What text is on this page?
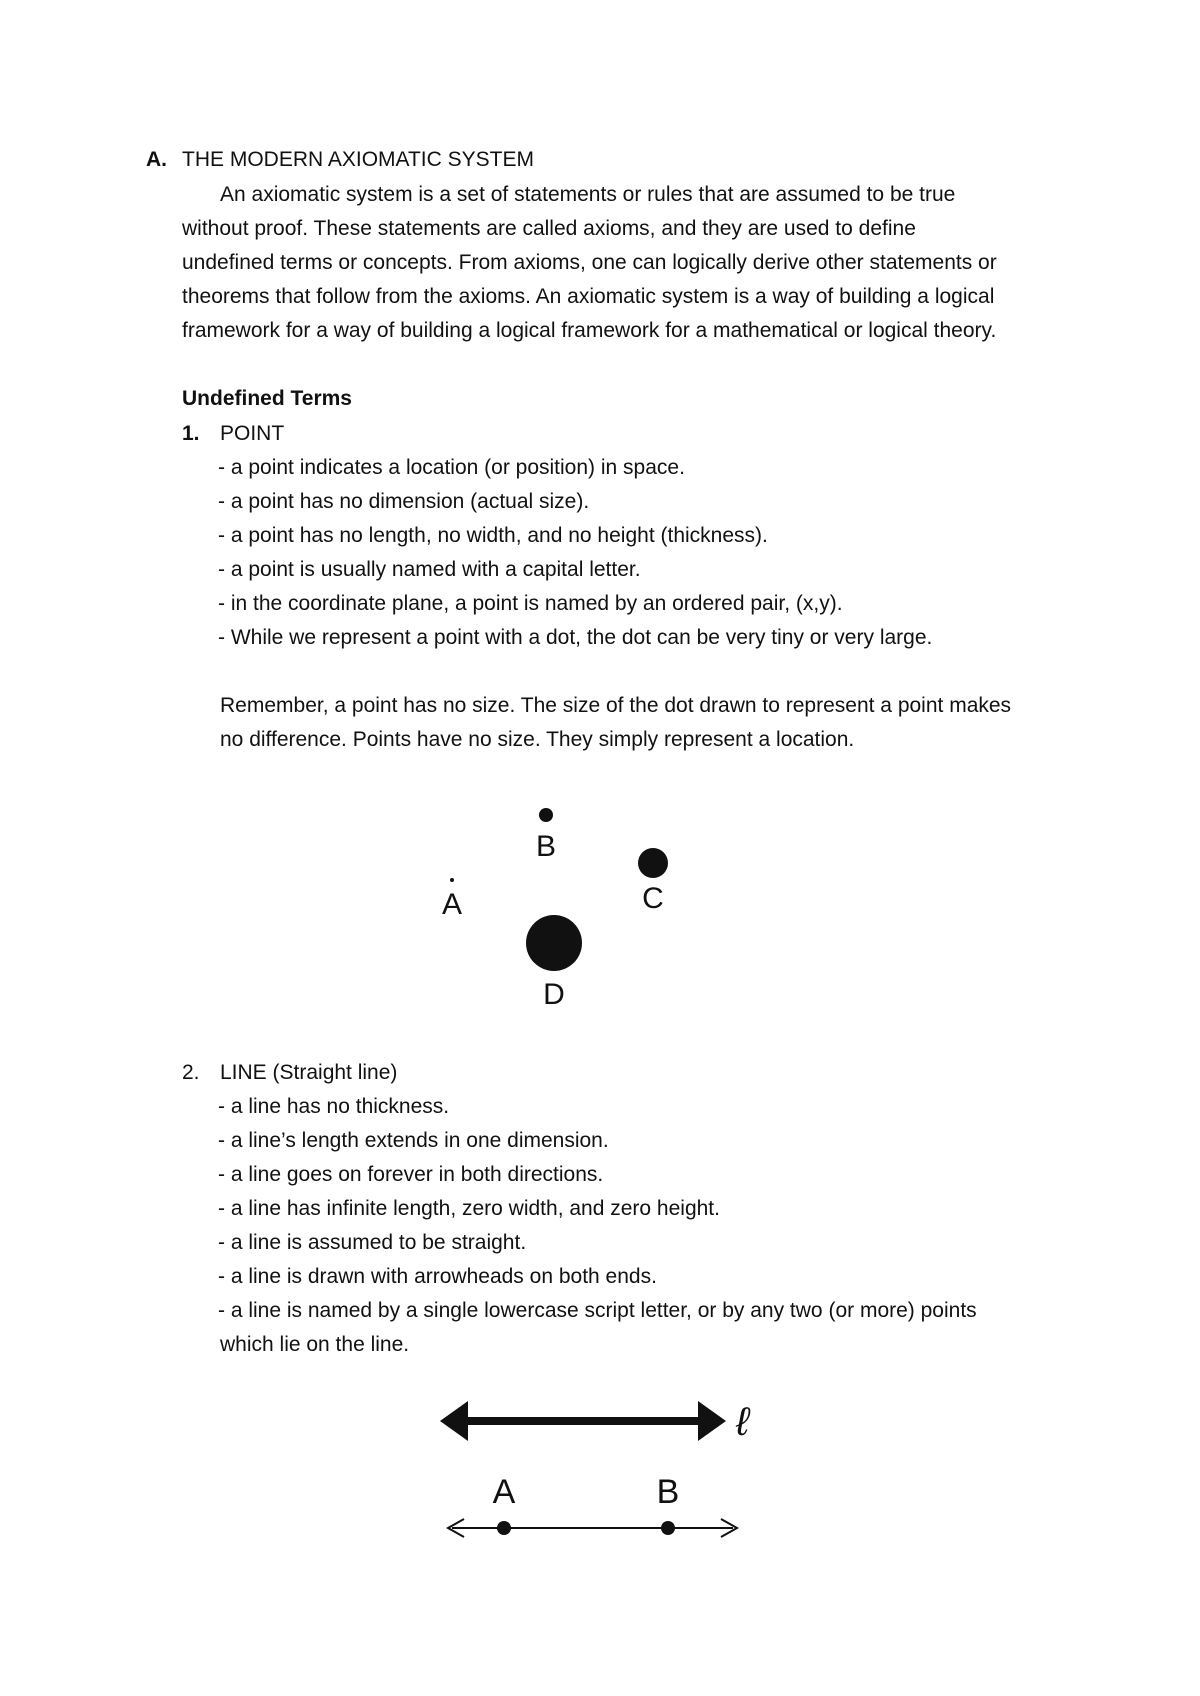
A. THE MODERN AXIOMATIC SYSTEM
An axiomatic system is a set of statements or rules that are assumed to be true
without proof. These statements are called axioms, and they are used to define
undefined terms or concepts. From axioms, one can logically derive other statements or
theorems that follow from the axioms. An axiomatic system is a way of building a logical
framework for a way of building a logical framework for a mathematical or logical theory.
Undefined Terms
1. POINT
- a point indicates a location (or position) in space.
- a point has no dimension (actual size).
- a point has no length, no width, and no height (thickness).
- a point is usually named with a capital letter.
- in the coordinate plane, a point is named by an ordered pair, (x,y).
- While we represent a point with a dot, the dot can be very tiny or very large.
Remember, a point has no size. The size of the dot drawn to represent a point makes
no difference. Points have no size. They simply represent a location.
A
B
C
D
2. LINE (Straight line)
- a line has no thickness.
- a line’s length extends in one dimension.
- a line goes on forever in both directions.
- a line has infinite length, zero width, and zero height.
- a line is assumed to be straight.
- a line is drawn with arrowheads on both ends.
- a line is named by a single lowercase script letter, or by any two (or more) points
which lie on the line.
ℓ
A	B
